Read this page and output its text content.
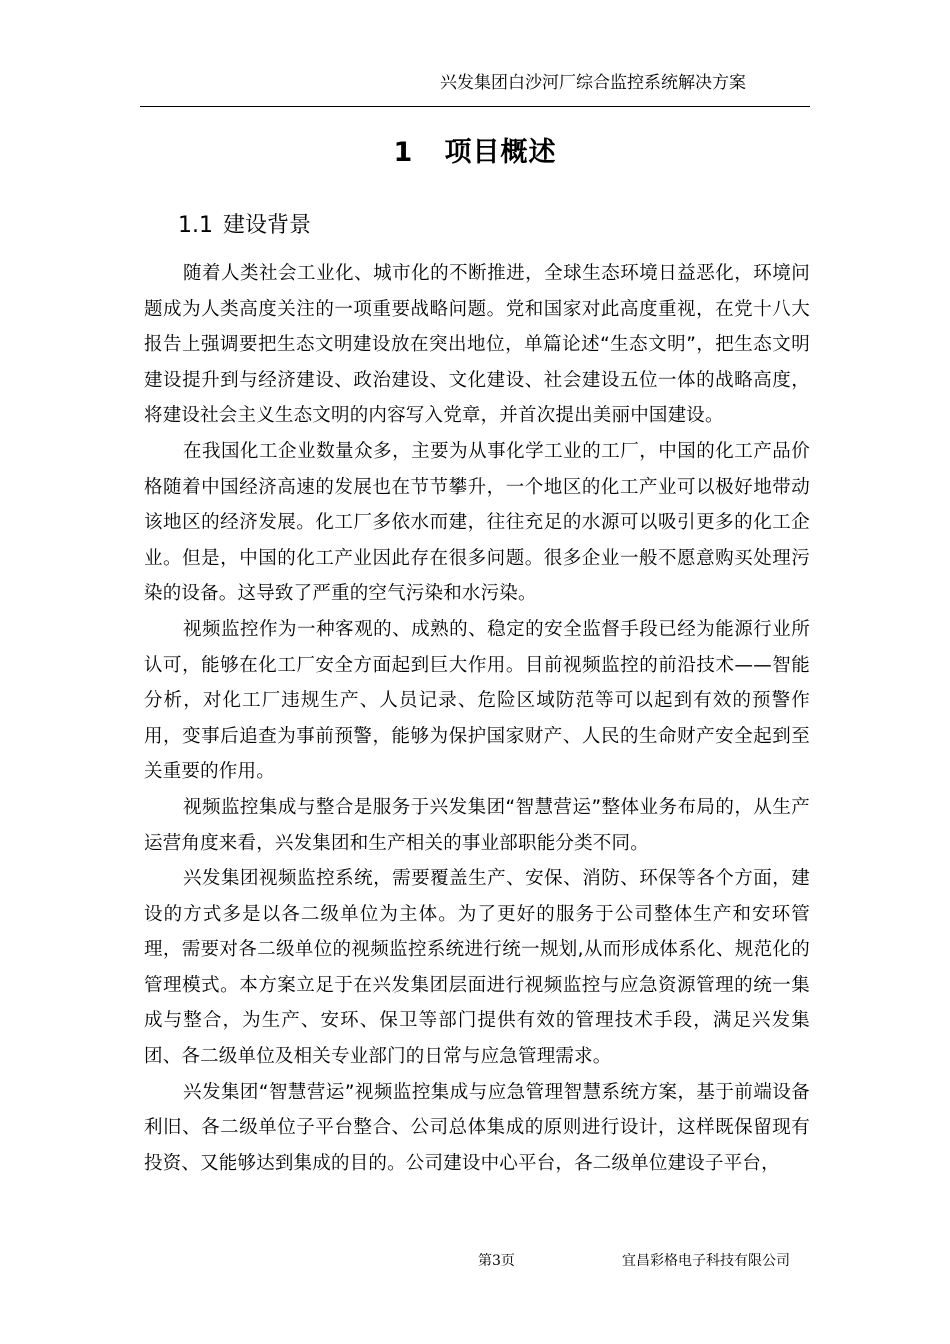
兴发集团白沙河厂综合监控系统解决方案
1 项目概述
1.1 建设背景

随着人类社会工业化、城市化的不断推进，全球生态环境日益恶化，环境问题成为人类高度关注的一项重要战略问题。党和国家对此高度重视，在党十八大报告上强调要把生态文明建设放在突出地位，单篇论述“生态文明”，把生态文明建设提升到与经济建设、政治建设、文化建设、社会建设五位一体的战略高度，将建设社会主义生态文明的内容写入党章，并首次提出美丽中国建设。

在我国化工企业数量众多，主要为从事化学工业的工厂，中国的化工产品价格随着中国经济高速的发展也在节节攀升，一个地区的化工产业可以极好地带动该地区的经济发展。化工厂多依水而建，往往充足的水源可以吸引更多的化工企业。但是，中国的化工产业因此存在很多问题。很多企业一般不愿意购买处理污染的设备。这导致了严重的空气污染和水污染。

视频监控作为一种客观的、成熟的、稳定的安全监督手段已经为能源行业所认可，能够在化工厂安全方面起到巨大作用。目前视频监控的前沿技术——智能分析，对化工厂违规生产、人员记录、危险区域防范等可以起到有效的预警作用，变事后追查为事前预警，能够为保护国家财产、人民的生命财产安全起到至关重要的作用。

视频监控集成与整合是服务于兴发集团“智慧营运”整体业务布局的，从生产运营角度来看，兴发集团和生产相关的事业部职能分类不同。

兴发集团视频监控系统，需要覆盖生产、安保、消防、环保等各个方面，建设的方式多是以各二级单位为主体。为了更好的服务于公司整体生产和安环管理，需要对各二级单位的视频监控系统进行统一规划,从而形成体系化、规范化的管理模式。本方案立足于在兴发集团层面进行视频监控与应急资源管理的统一集成与整合，为生产、安环、保卫等部门提供有效的管理技术手段，满足兴发集团、各二级单位及相关专业部门的日常与应急管理需求。

兴发集团“智慧营运”视频监控集成与应急管理智慧系统方案，基于前端设备利旧、各二级单位子平台整合、公司总体集成的原则进行设计，这样既保留现有投资、又能够达到集成的目的。公司建设中心平台，各二级单位建设子平台，

第3页	宜昌彩格电子科技有限公司
